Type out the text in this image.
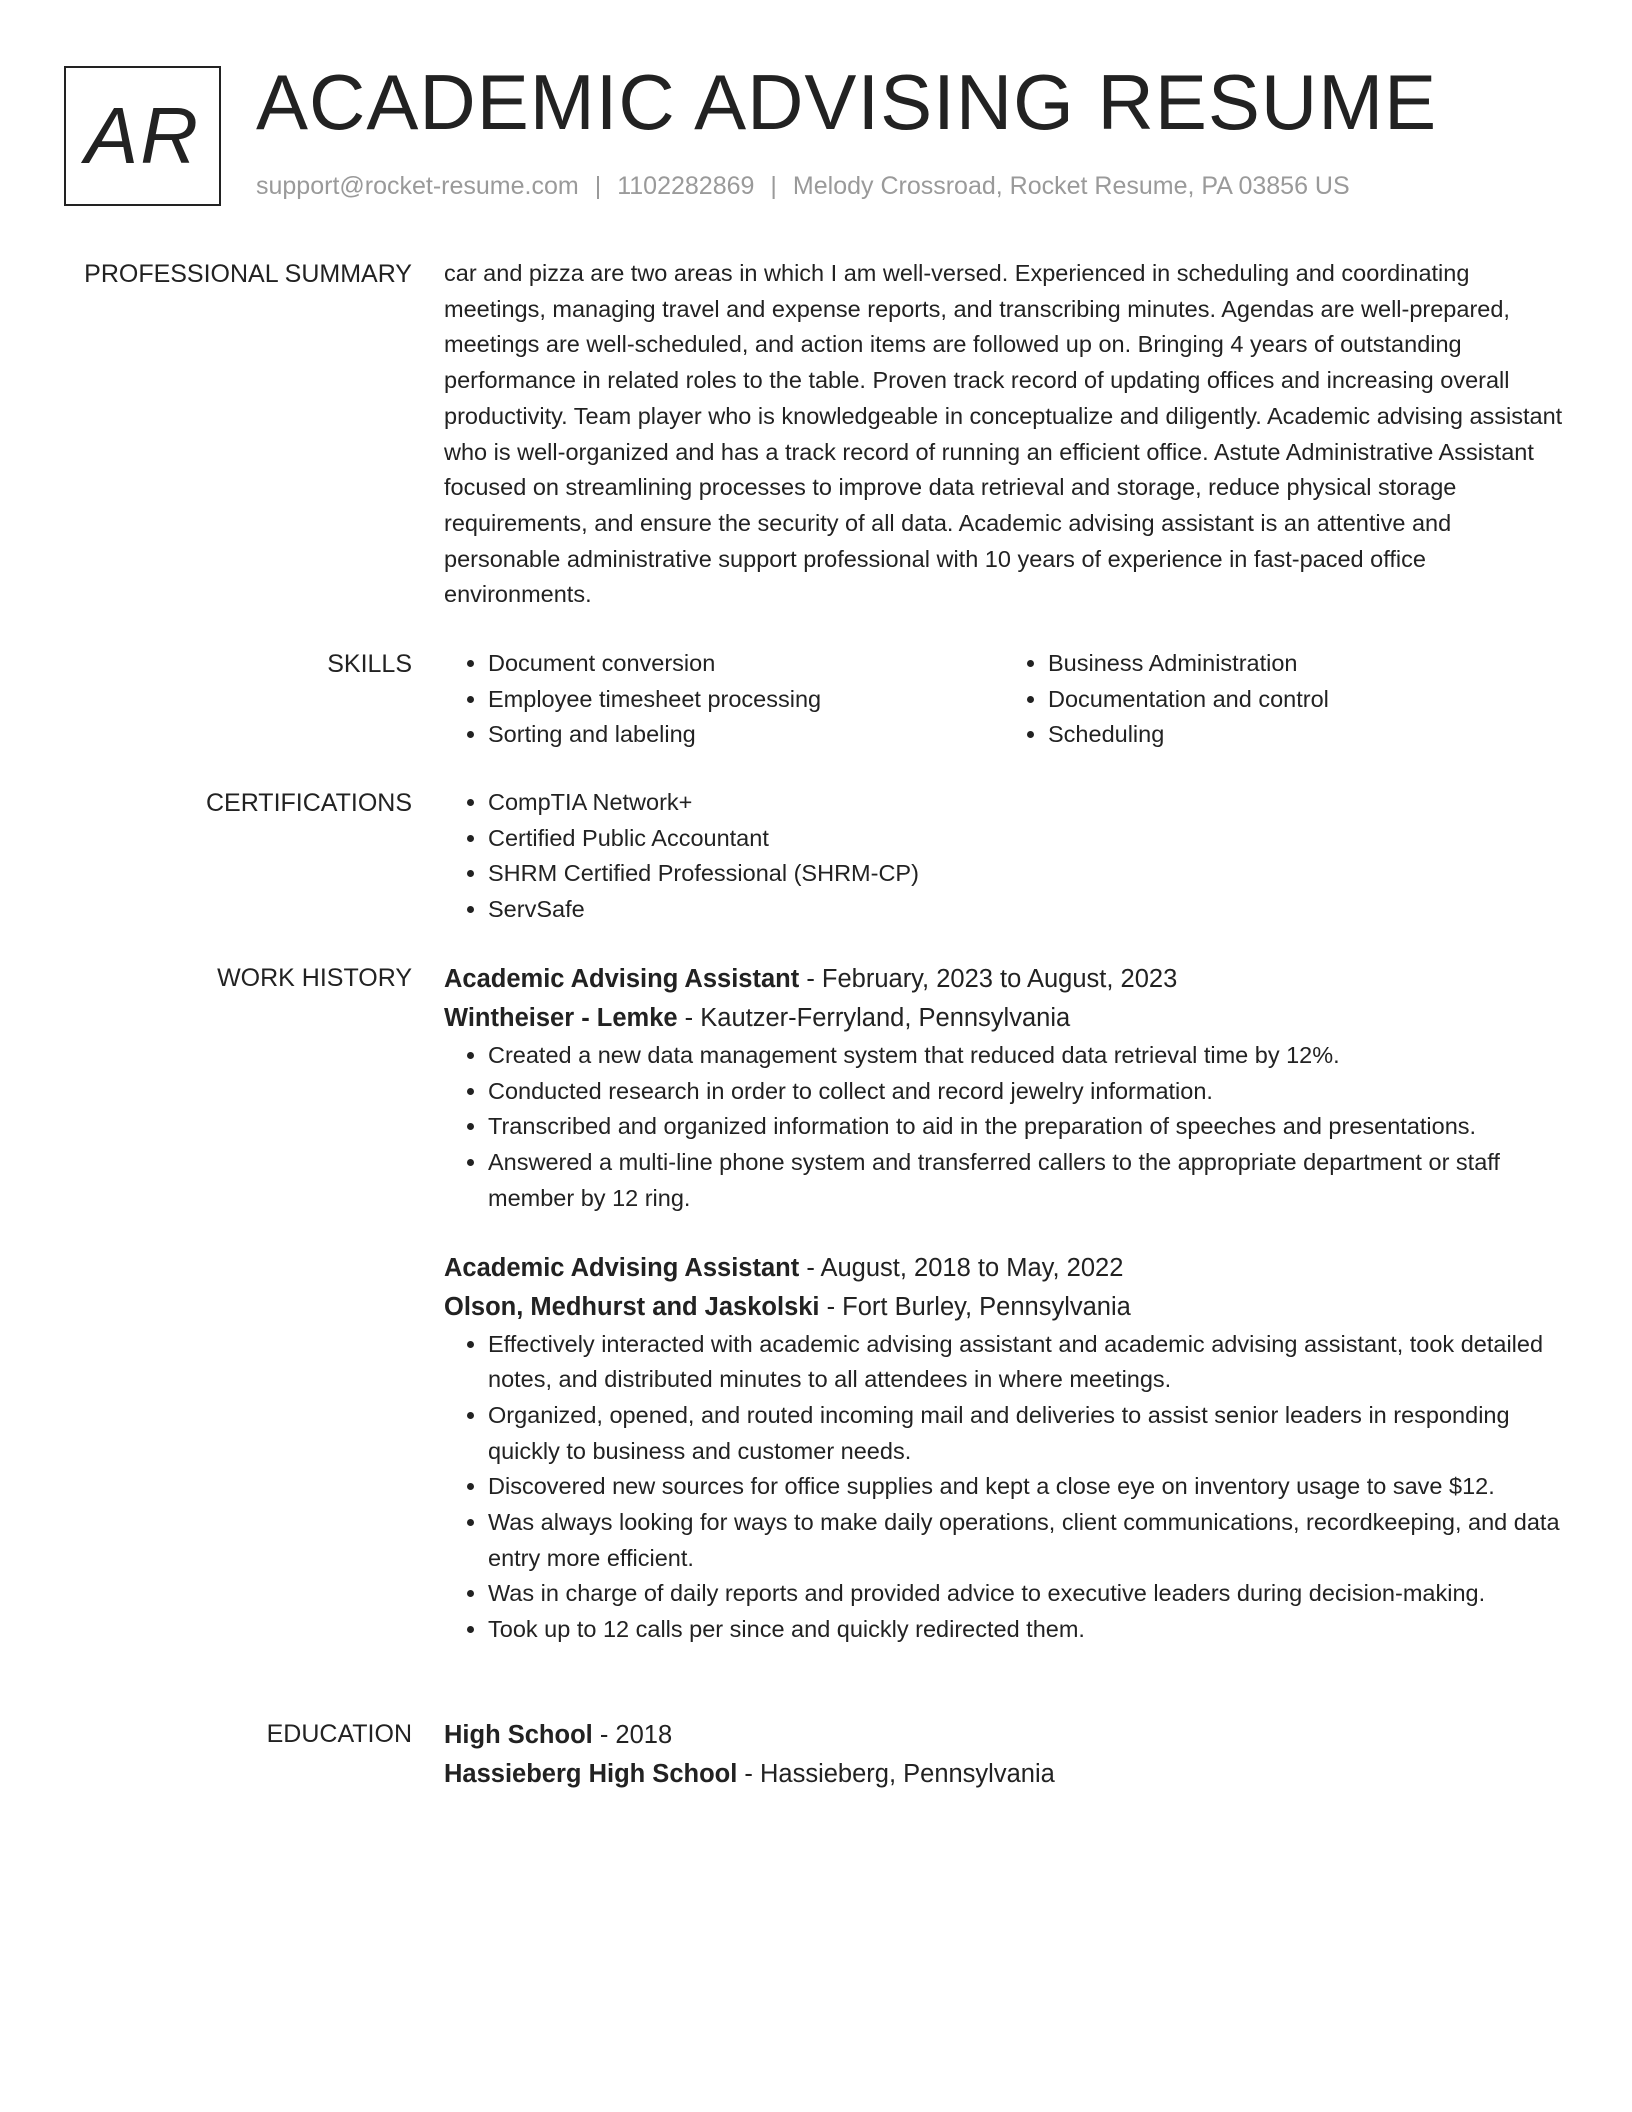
AR ACADEMIC ADVISING RESUME
support@rocket-resume.com | 1102282869 | Melody Crossroad, Rocket Resume, PA 03856 US
PROFESSIONAL SUMMARY car and pizza are two areas in which I am well-versed. Experienced in scheduling and coordinating meetings, managing travel and expense reports, and transcribing minutes. Agendas are well-prepared, meetings are well-scheduled, and action items are followed up on. Bringing 4 years of outstanding performance in related roles to the table. Proven track record of updating offices and increasing overall productivity. Team player who is knowledgeable in conceptualize and diligently. Academic advising assistant who is well-organized and has a track record of running an efficient office. Astute Administrative Assistant focused on streamlining processes to improve data retrieval and storage, reduce physical storage requirements, and ensure the security of all data. Academic advising assistant is an attentive and personable administrative support professional with 10 years of experience in fast-paced office environments.
SKILLS	• Document conversion
• Employee timesheet processing
• Sorting and labeling
• Business Administration
• Documentation and control
• Scheduling
CERTIFICATIONS	• CompTIA Network+
• Certified Public Accountant
• SHRM Certified Professional (SHRM-CP)
• ServSafe
WORK HISTORY Academic Advising Assistant - February, 2023 to August, 2023
Wintheiser - Lemke - Kautzer-Ferryland, Pennsylvania
• Created a new data management system that reduced data retrieval time by 12%.
• Conducted research in order to collect and record jewelry information.
• Transcribed and organized information to aid in the preparation of speeches and presentations.
• Answered a multi-line phone system and transferred callers to the appropriate department or staff member by 12 ring.
Academic Advising Assistant - August, 2018 to May, 2022
Olson, Medhurst and Jaskolski - Fort Burley, Pennsylvania
• Effectively interacted with academic advising assistant and academic advising assistant, took detailed notes, and distributed minutes to all attendees in where meetings.
• Organized, opened, and routed incoming mail and deliveries to assist senior leaders in responding quickly to business and customer needs.
• Discovered new sources for office supplies and kept a close eye on inventory usage to save $12.
• Was always looking for ways to make daily operations, client communications, recordkeeping, and data entry more efficient.
• Was in charge of daily reports and provided advice to executive leaders during decision-making.
• Took up to 12 calls per since and quickly redirected them.
EDUCATION High School - 2018
Hassieberg High School - Hassieberg, Pennsylvania
